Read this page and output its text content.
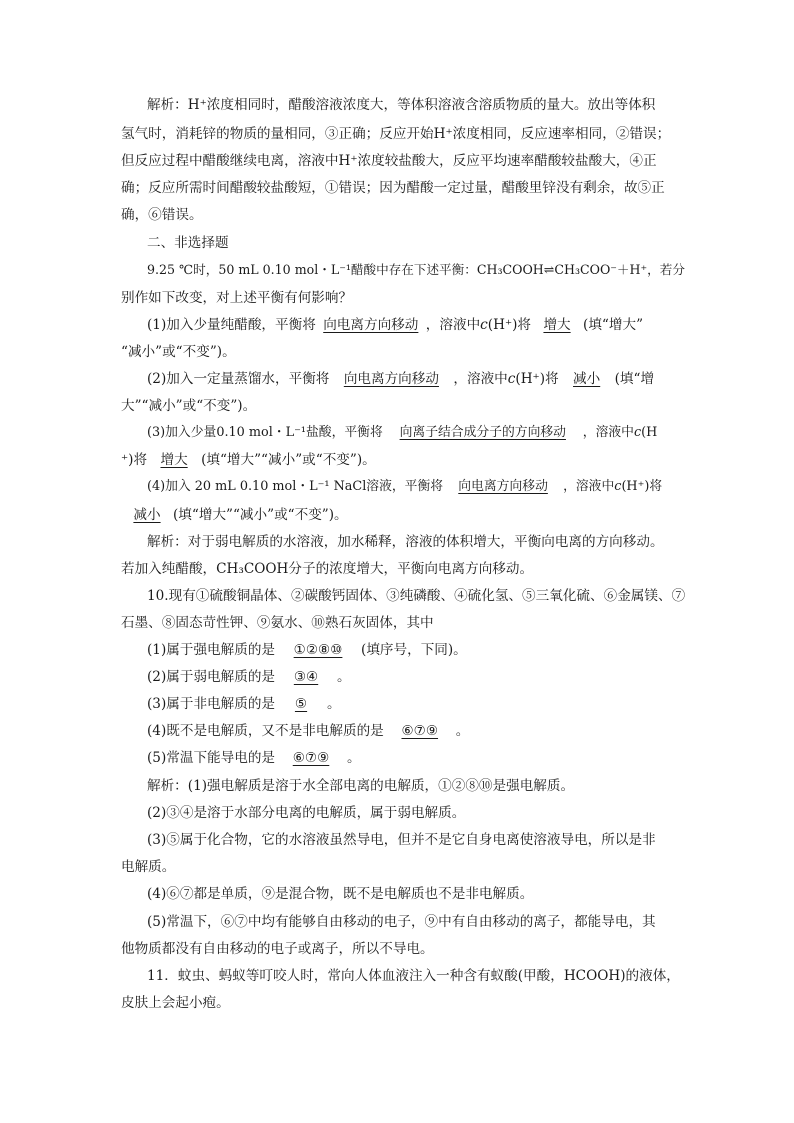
解析：H⁺浓度相同时，醋酸溶液浓度大，等体积溶液含溶质物质的量大。放出等体积
氢气时，消耗锌的物质的量相同，③正确；反应开始H⁺浓度相同，反应速率相同，②错误；
但反应过程中醋酸继续电离，溶液中H⁺浓度较盐酸大，反应平均速率醋酸较盐酸大，④正
确；反应所需时间醋酸较盐酸短，①错误；因为醋酸一定过量，醋酸里锌没有剩余，故⑤正
确，⑥错误。
二、非选择题
9.25 ℃时，50 mL 0.10 mol・L⁻¹醋酸中存在下述平衡：CH₃COOH⇌CH₃COO⁻＋H⁺，若分
别作如下改变，对上述平衡有何影响？
(1)加入少量纯醋酸，平衡将 向电离方向移动 ，溶液中c(H⁺)将 增大 (填“增大”
“减小”或“不变”)。
(2)加入一定量蒸馏水，平衡将 向电离方向移动 ，溶液中c(H⁺)将 减小 (填“增
大”“减小”或“不变”)。
(3)加入少量0.10 mol・L⁻¹盐酸，平衡将 向离子结合成分子的方向移动 ，溶液中c(H
⁺)将 增大 (填“增大”“减小”或“不变”)。
(4)加入 20 mL 0.10 mol・L⁻¹ NaCl溶液，平衡将 向电离方向移动 ，溶液中c(H⁺)将
减小 (填“增大”“减小”或“不变”)。
解析：对于弱电解质的水溶液，加水稀释，溶液的体积增大，平衡向电离的方向移动。
若加入纯醋酸，CH₃COOH分子的浓度增大，平衡向电离方向移动。
10.现有①硫酸铜晶体、②碳酸钙固体、③纯磷酸、④硫化氢、⑤三氧化硫、⑥金属镁、⑦
石墨、⑧固态苛性钾、⑨氨水、⑩熟石灰固体，其中
(1)属于强电解质的是 ①②⑧⑩ (填序号，下同)。
(2)属于弱电解质的是 ③④ 。
(3)属于非电解质的是 ⑤ 。
(4)既不是电解质，又不是非电解质的是 ⑥⑦⑨ 。
(5)常温下能导电的是 ⑥⑦⑨ 。
解析：(1)强电解质是溶于水全部电离的电解质，①②⑧⑩是强电解质。
(2)③④是溶于水部分电离的电解质，属于弱电解质。
(3)⑤属于化合物，它的水溶液虽然导电，但并不是它自身电离使溶液导电，所以是非
电解质。
(4)⑥⑦都是单质，⑨是混合物，既不是电解质也不是非电解质。
(5)常温下，⑥⑦中均有能够自由移动的电子，⑨中有自由移动的离子，都能导电，其
他物质都没有自由移动的电子或离子，所以不导电。
11．蚊虫、蚂蚁等叮咬人时，常向人体血液注入一种含有蚁酸(甲酸，HCOOH)的液体，
皮肤上会起小疱。
